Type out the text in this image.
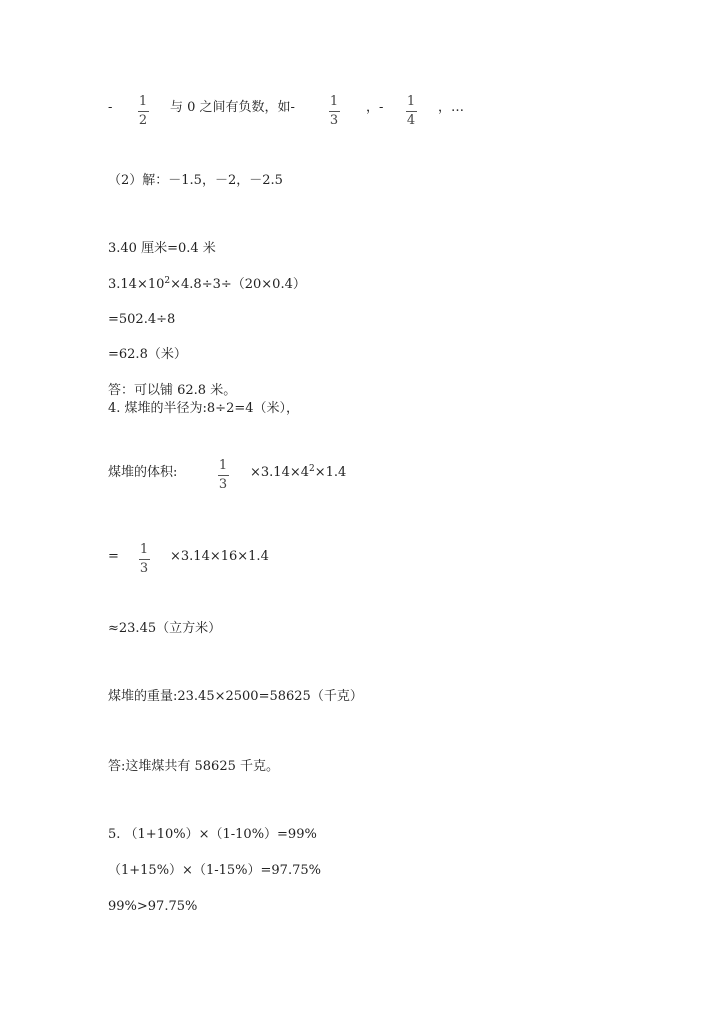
- 1
2
与 0 之间有负数，如-	1
3
，- 1
4
，…
（2）解：－1.5，－2，－2.5
3.40 厘米=0.4 米
$3.14\times 10^2\times 4.8\div 3\div(20\times 0.4)$
=502.4÷8
=62.8（米）
答：可以铺 62.8 米。
4. 煤堆的半径为:8÷2=4（米），
煤堆的体积:	1
3
$\times 3.14\times 4^2\times 1.4$
= 1
3
×3.14×16×1.4
≈23.45（立方米）
煤堆的重量:23.45×2500=58625（千克）
答:这堆煤共有 58625 千克。
5. （1+10%）×（1-10%）=99%
（1+15%）×（1-15%）=97.75%
99%>97.75%
